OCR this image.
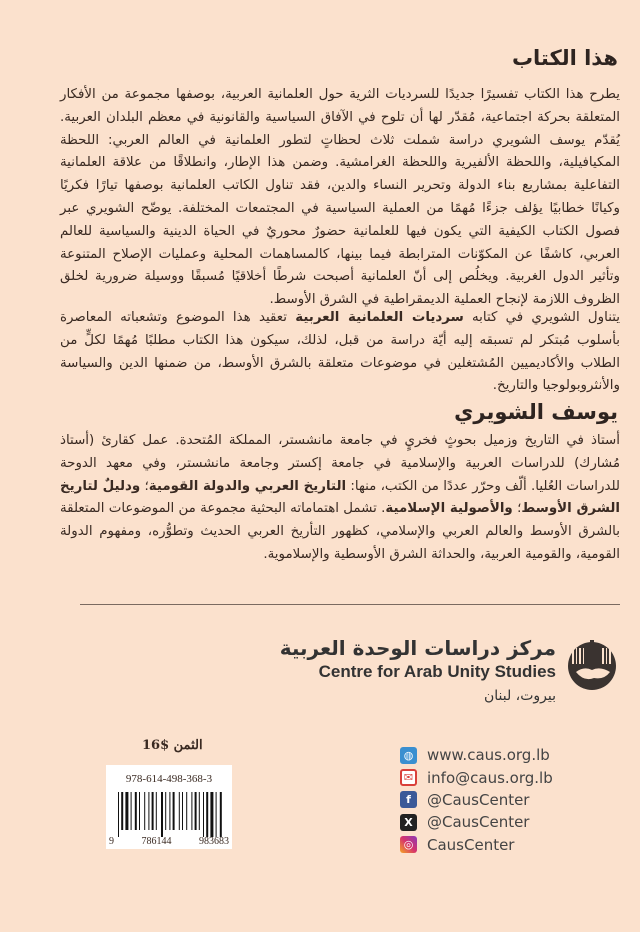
هذا الكتاب
يطرح هذا الكتاب تفسيرًا جديدًا للسرديات الثرية حول العلمانية العربية، بوصفها مجموعة من الأفكار المتعلقة بحركة اجتماعية، مُقدّر لها أن تلوح في الآفاق السياسية والقانونية في معظم البلدان العربية. يُقدّم يوسف الشويري دراسة شملت ثلاث لحظاتٍ لتطور العلمانية في العالم العربي: اللحظة المكيافيلية، واللحظة الألفيرية واللحظة الغرامشية. وضمن هذا الإطار، وانطلاقًا من علاقة العلمانية التفاعلية بمشاريع بناء الدولة وتحرير النساء والدين، فقد تناول الكاتب العلمانية بوصفها تيارًا فكريًا وكيانًا خطابيًا يؤلف جزءًا مُهمًا من العملية السياسية في المجتمعات المختلفة. يوضّح الشويري عبر فصول الكتاب الكيفية التي يكون فيها للعلمانية حضورٌ محوريٌ في الحياة الدينية والسياسية للعالم العربي، كاشفًا عن المكوّنات المترابطة فيما بينها، كالمساهمات المحلية وعمليات الإصلاح المتنوعة وتأثير الدول الغربية. ويخلُص إلى أنّ العلمانية أصبحت شرطًا أخلاقيًا مُسبقًا ووسيلة ضرورية لخلق الظروف اللازمة لإنجاح العملية الديمقراطية في الشرق الأوسط.
يتناول الشويري في كتابه سرديات العلمانية العربية تعقيد هذا الموضوع وتشعباته المعاصرة بأسلوب مُبتكر لم تسبقه إليه أيّة دراسة من قبل، لذلك، سيكون هذا الكتاب مطلبًا مُهمًا لكلٍّ من الطلاب والأكاديميين المُشتغلين في موضوعات متعلقة بالشرق الأوسط، من ضمنها الدين والسياسة والأنثروبولوجيا والتاريخ.
يوسف الشويري
أستاذ في التاريخ وزميل بحوثٍ فخريٍ في جامعة مانشستر، المملكة المُتحدة. عمل كقارئ (أستاذ مُشارك) للدراسات العربية والإسلامية في جامعة إكستر وجامعة مانشستر، وفي معهد الدوحة للدراسات العُليا. ألّف وحرّر عددًا من الكتب، منها: التاريخ العربي والدولة القومية؛ ودليلٌ لتاريخ الشرق الأوسط؛ والأصولية الإسلامية. تشمل اهتماماته البحثية مجموعة من الموضوعات المتعلقة بالشرق الأوسط والعالم العربي والإسلامي، كظهور التأريخ العربي الحديث وتطوُّره، ومفهوم الدولة القومية، والقومية العربية، والحداثة الشرق الأوسطية والإسلاموية.
مركز دراسات الوحدة العربية
Centre for Arab Unity Studies
بيروت، لبنان
◍ www.caus.org.lb
✉ info@caus.org.lb
f	@CausCenter
X @CausCenter
◎ CausCenter
الثمن $16
978-614-498-368-3
9	786144	983683
